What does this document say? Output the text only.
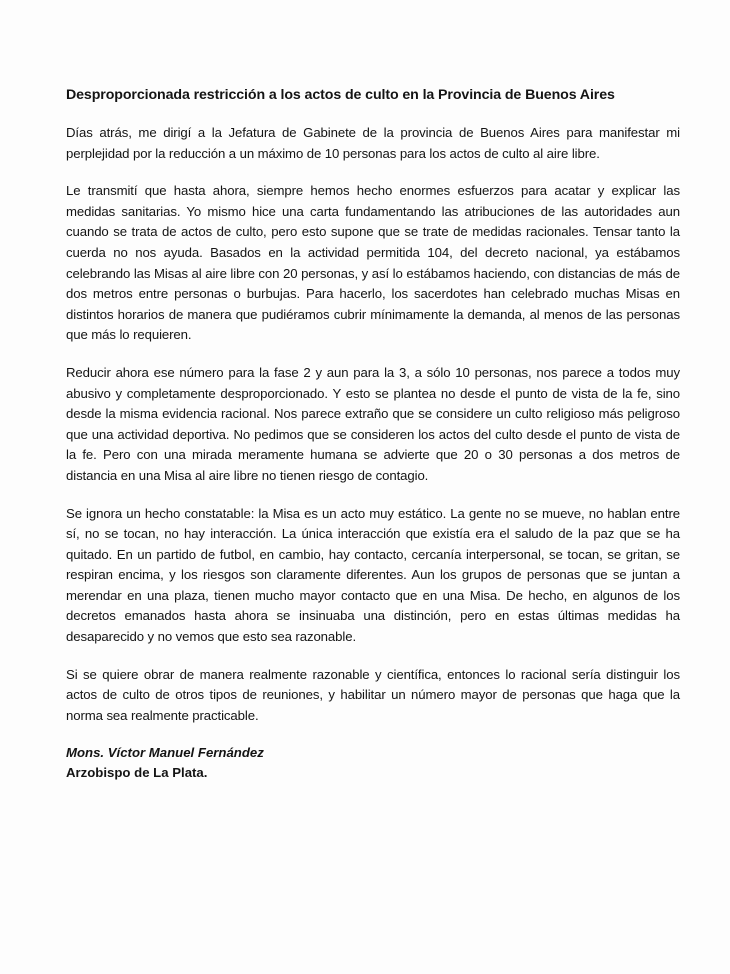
Desproporcionada restricción a los actos de culto en la Provincia de Buenos Aires

Días atrás, me dirigí a la Jefatura de Gabinete de la provincia de Buenos Aires para manifestar mi perplejidad por la reducción a un máximo de 10 personas para los actos de culto al aire libre.

Le transmití que hasta ahora, siempre hemos hecho enormes esfuerzos para acatar y explicar las medidas sanitarias. Yo mismo hice una carta fundamentando las atribuciones de las autoridades aun cuando se trata de actos de culto, pero esto supone que se trate de medidas racionales. Tensar tanto la cuerda no nos ayuda. Basados en la actividad permitida 104, del decreto nacional, ya estábamos celebrando las Misas al aire libre con 20 personas, y así lo estábamos haciendo, con distancias de más de dos metros entre personas o burbujas. Para hacerlo, los sacerdotes han celebrado muchas Misas en distintos horarios de manera que pudiéramos cubrir mínimamente la demanda, al menos de las personas que más lo requieren.

Reducir ahora ese número para la fase 2 y aun para la 3, a sólo 10 personas, nos parece a todos muy abusivo y completamente desproporcionado. Y esto se plantea no desde el punto de vista de la fe, sino desde la misma evidencia racional. Nos parece extraño que se considere un culto religioso más peligroso que una actividad deportiva. No pedimos que se consideren los actos del culto desde el punto de vista de la fe. Pero con una mirada meramente humana se advierte que 20 o 30 personas a dos metros de distancia en una Misa al aire libre no tienen riesgo de contagio.

Se ignora un hecho constatable: la Misa es un acto muy estático. La gente no se mueve, no hablan entre sí, no se tocan, no hay interacción. La única interacción que existía era el saludo de la paz que se ha quitado. En un partido de futbol, en cambio, hay contacto, cercanía interpersonal, se tocan, se gritan, se respiran encima, y los riesgos son claramente diferentes. Aun los grupos de personas que se juntan a merendar en una plaza, tienen mucho mayor contacto que en una Misa. De hecho, en algunos de los decretos emanados hasta ahora se insinuaba una distinción, pero en estas últimas medidas ha desaparecido y no vemos que esto sea razonable.

Si se quiere obrar de manera realmente razonable y científica, entonces lo racional sería distinguir los actos de culto de otros tipos de reuniones, y habilitar un número mayor de personas que haga que la norma sea realmente practicable.

Mons. Víctor Manuel Fernández
Arzobispo de La Plata.
